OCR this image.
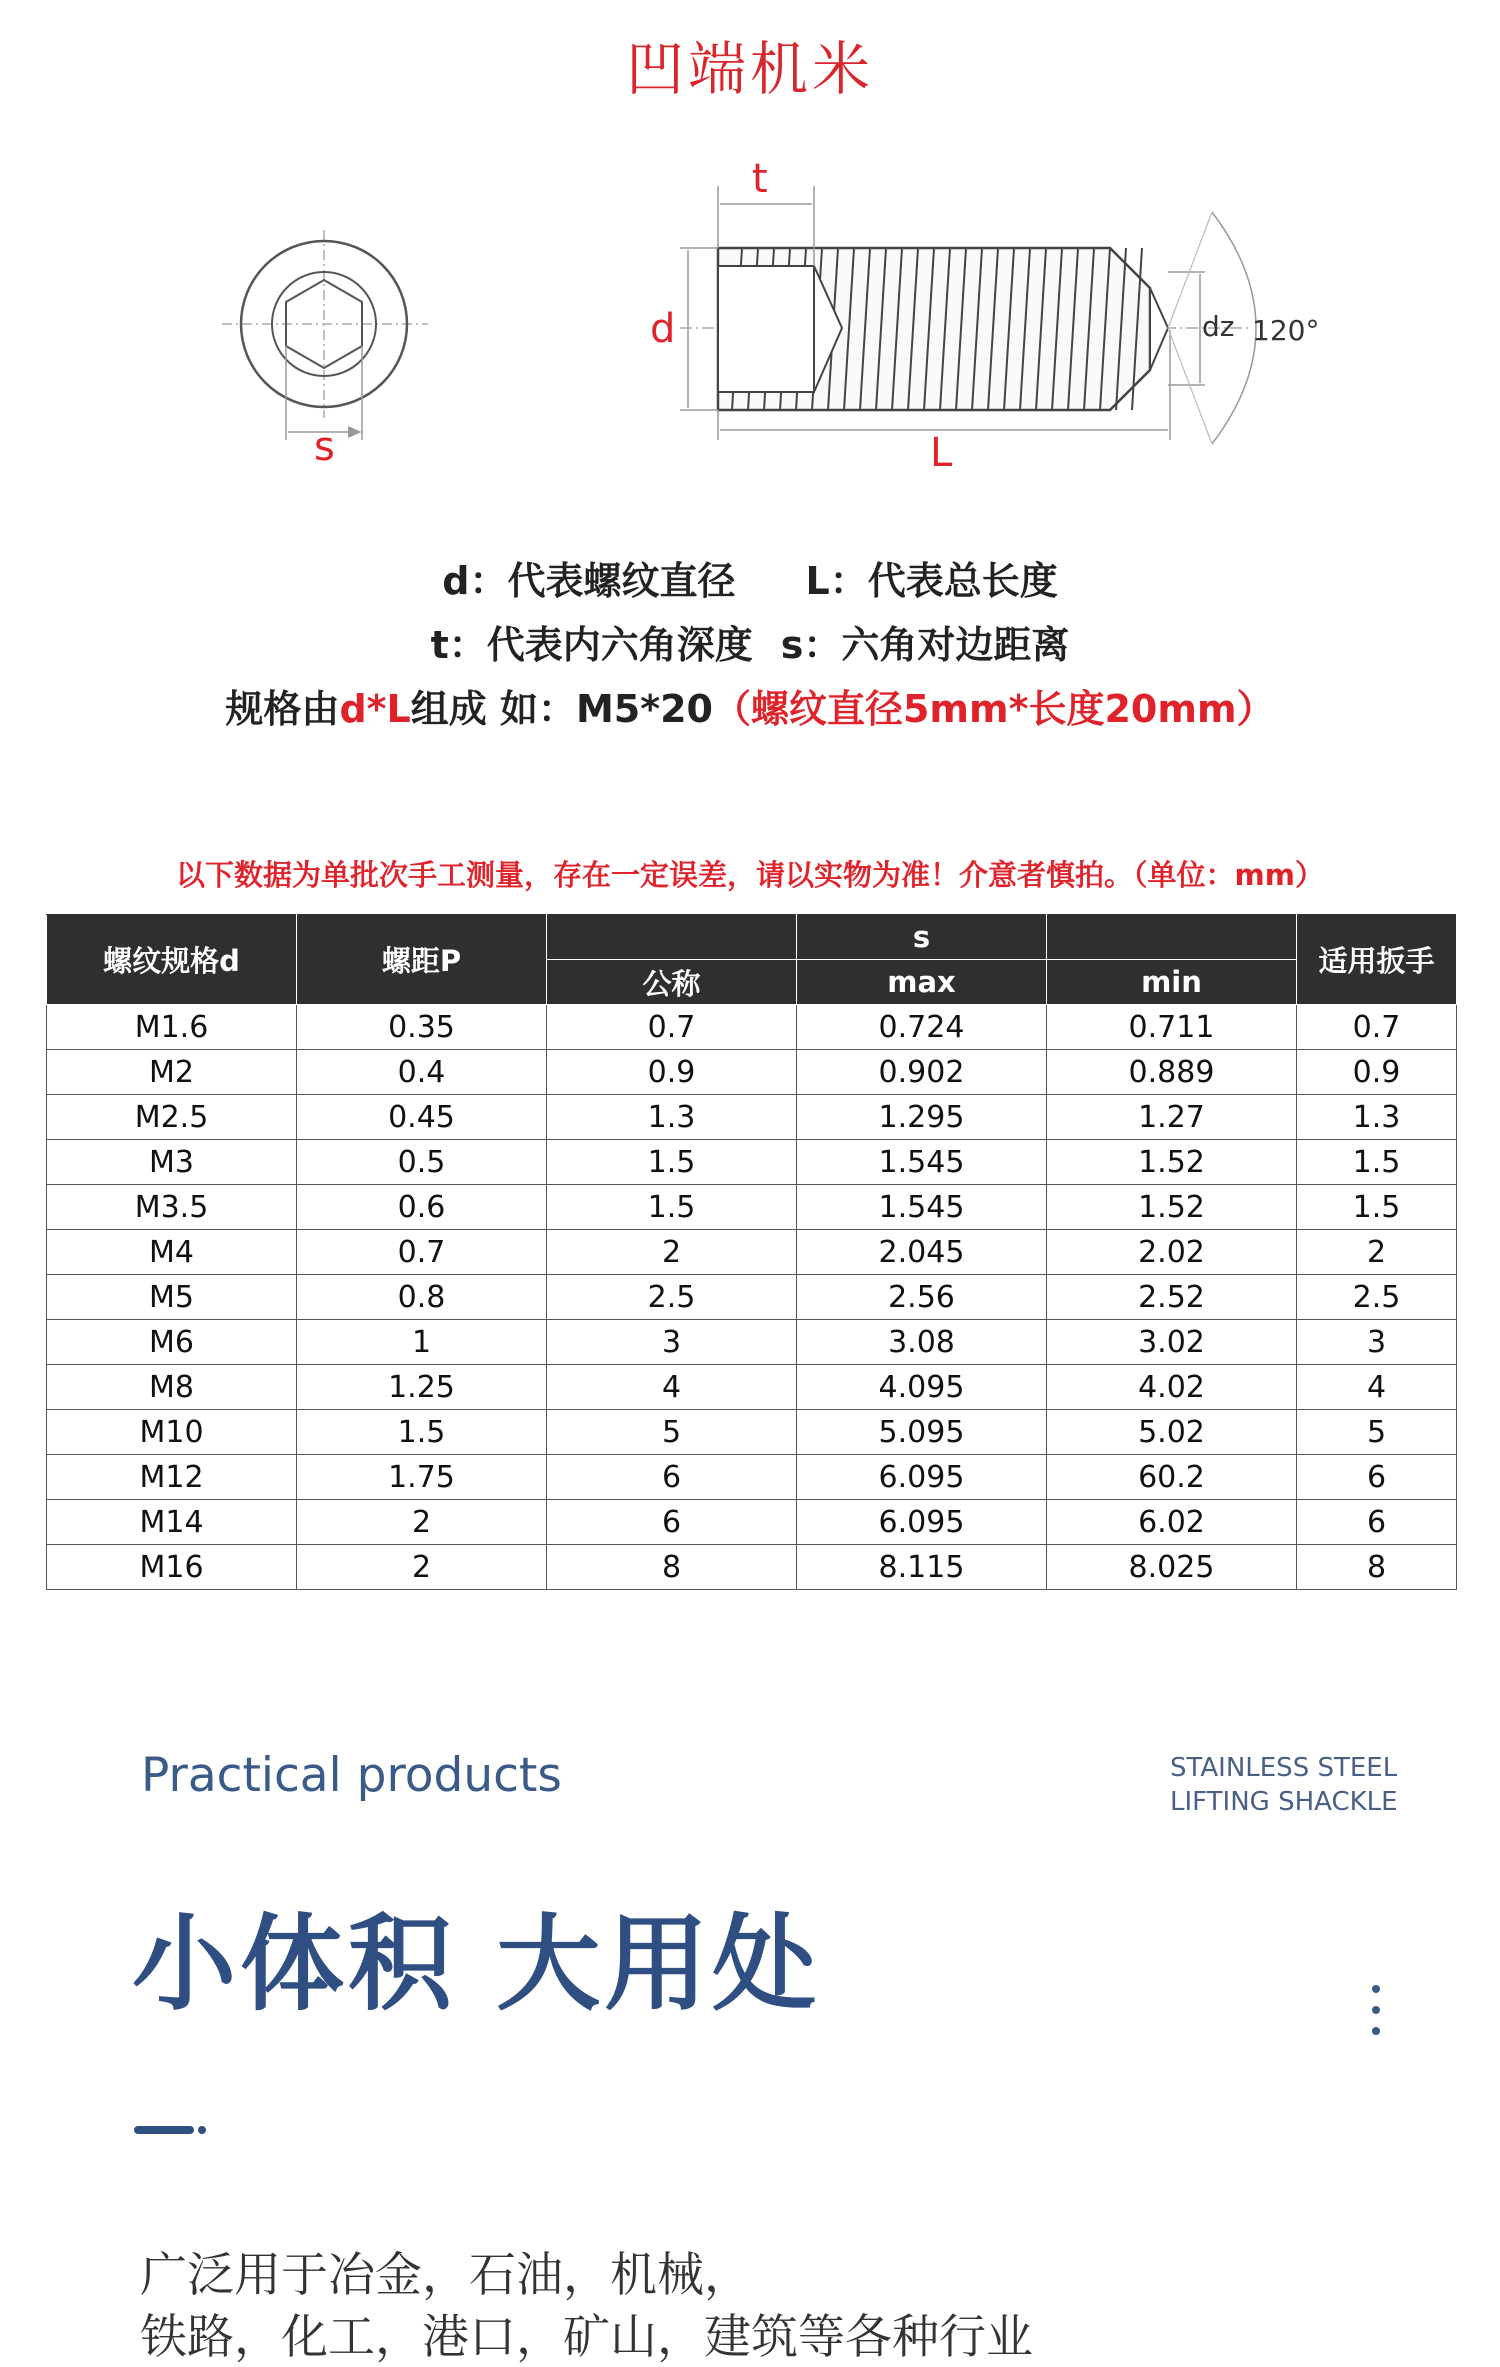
凹端机米
s
t
d
L
dz 120°
d：代表螺纹直径 L：代表总长度
t：代表内六角深度 s：六角对边距离
规格由d*L组成 如：M5*20（螺纹直径5mm*长度20mm）
以下数据为单批次手工测量，存在一定误差，请以实物为准！介意者慎拍。（单位：mm）
螺纹规格d	螺距P		s		适用扳手
		公称	max	min	
M1.6	0.35	0.7	0.724	0.711	0.7
M2	0.4	0.9	0.902	0.889	0.9
M2.5	0.45	1.3	1.295	1.27	1.3
M3	0.5	1.5	1.545	1.52	1.5
M3.5	0.6	1.5	1.545	1.52	1.5
M4	0.7	2	2.045	2.02	2
M5	0.8	2.5	2.56	2.52	2.5
M6	1	3	3.08	3.02	3
M8	1.25	4	4.095	4.02	4
M10	1.5	5	5.095	5.02	5
M12	1.75	6	6.095	60.2	6
M14	2	6	6.095	6.02	6
M16	2	8	8.115	8.025	8
Practical products	STAINLESS STEEL
LIFTING SHACKLE
小体积 大用处
广泛用于冶金，石油，机械，
铁路，化工，港口，矿山，建筑等各种行业
